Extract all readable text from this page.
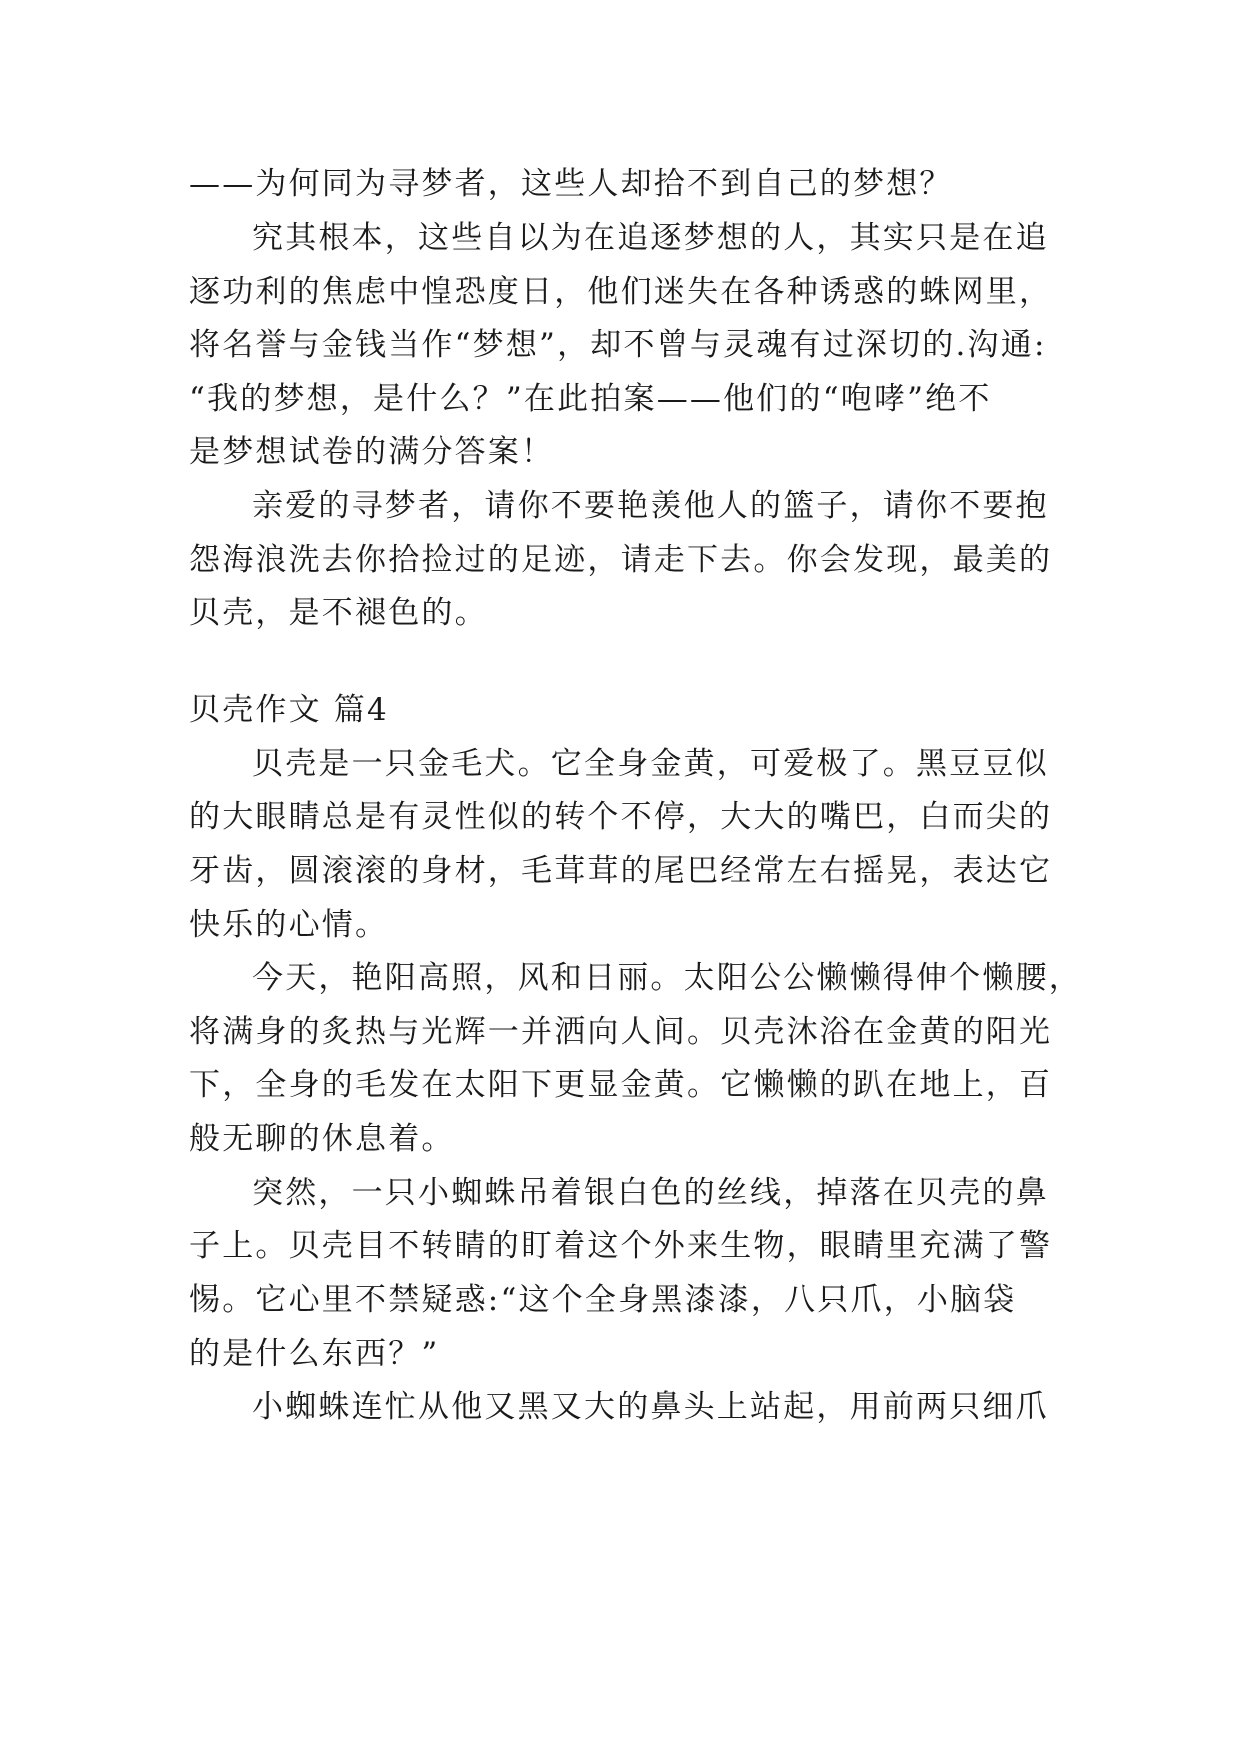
——为何同为寻梦者，这些人却拾不到自己的梦想？
究其根本，这些自以为在追逐梦想的人，其实只是在追
逐功利的焦虑中惶恐度日，他们迷失在各种诱惑的蛛网里，
将名誉与金钱当作“梦想”，却不曾与灵魂有过深切的.沟通:
“我的梦想，是什么？”在此拍案——他们的“咆哮”绝不
是梦想试卷的满分答案！
亲爱的寻梦者，请你不要艳羡他人的篮子，请你不要抱
怨海浪洗去你拾捡过的足迹，请走下去。你会发现，最美的
贝壳，是不褪色的。
贝壳作文 篇4
贝壳是一只金毛犬。它全身金黄，可爱极了。黑豆豆似
的大眼睛总是有灵性似的转个不停，大大的嘴巴，白而尖的
牙齿，圆滚滚的身材，毛茸茸的尾巴经常左右摇晃，表达它
快乐的心情。
今天，艳阳高照，风和日丽。太阳公公懒懒得伸个懒腰，
将满身的炙热与光辉一并洒向人间。贝壳沐浴在金黄的阳光
下，全身的毛发在太阳下更显金黄。它懒懒的趴在地上，百
般无聊的休息着。
突然，一只小蜘蛛吊着银白色的丝线，掉落在贝壳的鼻
子上。贝壳目不转睛的盯着这个外来生物，眼睛里充满了警
惕。它心里不禁疑惑:“这个全身黑漆漆，八只爪，小脑袋
的是什么东西？”
小蜘蛛连忙从他又黑又大的鼻头上站起，用前两只细爪
